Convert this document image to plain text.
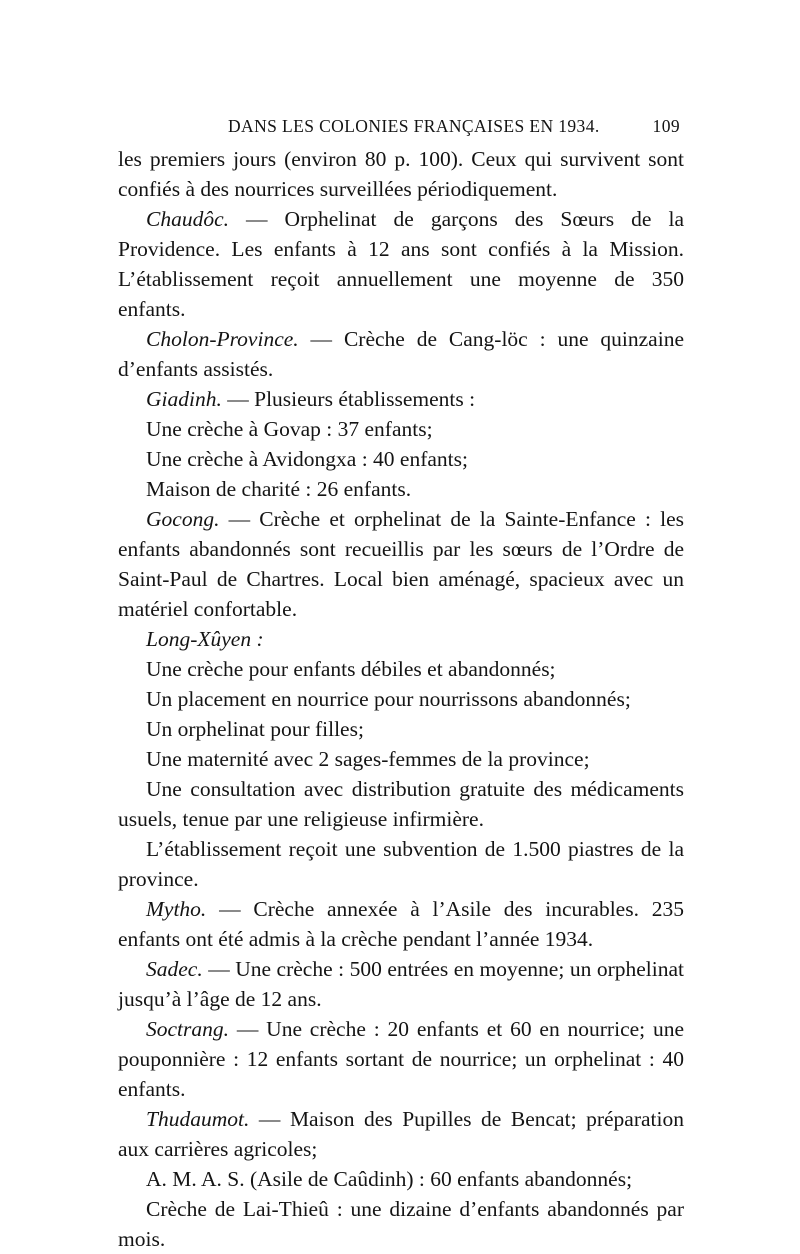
DANS LES COLONIES FRANÇAISES EN 1934.	109

les premiers jours (environ 80 p. 100). Ceux qui survivent sont confiés à des nourrices surveillées périodiquement.

Chaudôc. — Orphelinat de garçons des Sœurs de la Providence. Les enfants à 12 ans sont confiés à la Mission. L’établissement reçoit annuellement une moyenne de 350 enfants.

Cholon-Province. — Crèche de Cang-löc : une quinzaine d’enfants assistés.

Giadinh. — Plusieurs établissements :

Une crèche à Govap : 37 enfants;

Une crèche à Avidongxa : 40 enfants;

Maison de charité : 26 enfants.

Gocong. — Crèche et orphelinat de la Sainte-Enfance : les enfants abandonnés sont recueillis par les sœurs de l’Ordre de Saint-Paul de Chartres. Local bien aménagé, spacieux avec un matériel confortable.

Long-Xûyen :

Une crèche pour enfants débiles et abandonnés;

Un placement en nourrice pour nourrissons abandonnés;

Un orphelinat pour filles;

Une maternité avec 2 sages-femmes de la province;

Une consultation avec distribution gratuite des médicaments usuels, tenue par une religieuse infirmière.

L’établissement reçoit une subvention de 1.500 piastres de la province.

Mytho. — Crèche annexée à l’Asile des incurables. 235 enfants ont été admis à la crèche pendant l’année 1934.

Sadec. — Une crèche : 500 entrées en moyenne; un orphelinat jusqu’à l’âge de 12 ans.

Soctrang. — Une crèche : 20 enfants et 60 en nourrice; une pouponnière : 12 enfants sortant de nourrice; un orphelinat : 40 enfants.

Thudaumot. — Maison des Pupilles de Bencat; préparation aux carrières agricoles;

A. M. A. S. (Asile de Caûdinh) : 60 enfants abandonnés;

Crèche de Lai-Thieû : une dizaine d’enfants abandonnés par mois.
